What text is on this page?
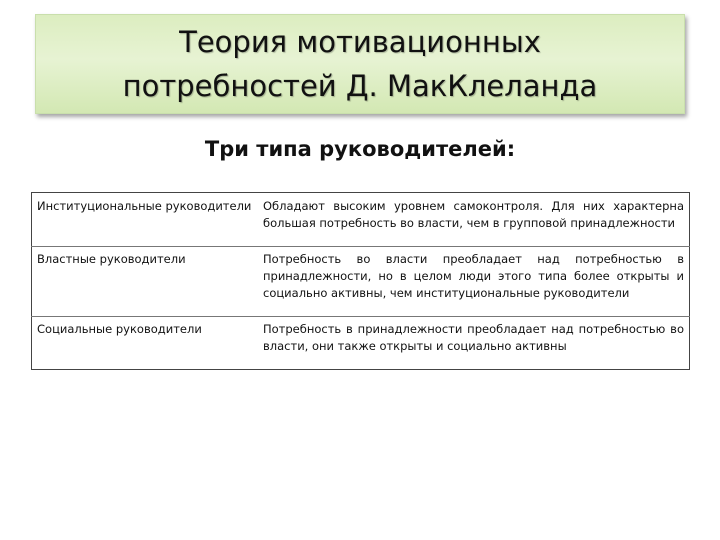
Теория мотивационных
потребностей Д. МакКлеланда
Три типа руководителей:
Институциональные руководители	Обладают высоким уровнем самоконтроля. Для них характерна большая потребность во власти, чем в групповой принадлежности
Властные руководители	Потребность во власти преобладает над потребностью в принадлежности, но в целом люди этого типа более открыты и социально активны, чем институциональные руководители
Социальные руководители	Потребность в принадлежности преобладает над потребностью во власти, они также открыты и социально активны
